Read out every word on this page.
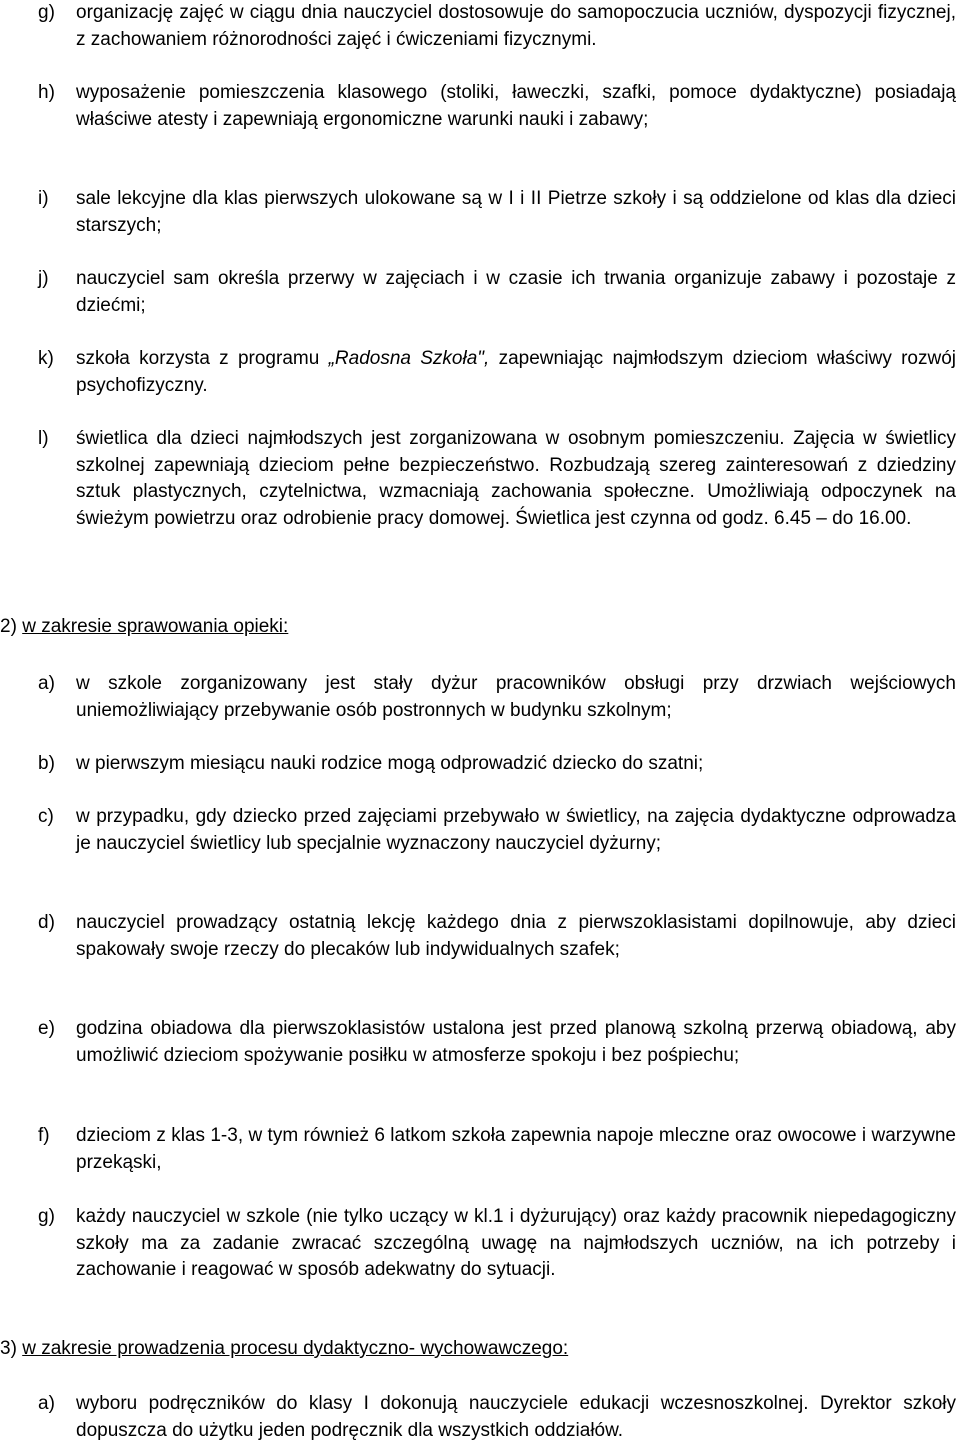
g) organizację zajęć w ciągu dnia nauczyciel dostosowuje do samopoczucia uczniów, dyspozycji fizycznej, z zachowaniem różnorodności zajęć i ćwiczeniami fizycznymi.
h) wyposażenie pomieszczenia klasowego (stoliki, ławeczki, szafki, pomoce dydaktyczne) posiadają właściwe atesty i zapewniają ergonomiczne warunki nauki i zabawy;
i) sale lekcyjne dla klas pierwszych ulokowane są w I i II Pietrze szkoły i są oddzielone od klas dla dzieci starszych;
j) nauczyciel sam określa przerwy w zajęciach i w czasie ich trwania organizuje zabawy i pozostaje z dziećmi;
k) szkoła korzysta z programu „Radosna Szkoła", zapewniając najmłodszym dzieciom właściwy rozwój psychofizyczny.
l) świetlica dla dzieci najmłodszych jest zorganizowana w osobnym pomieszczeniu. Zajęcia w świetlicy szkolnej zapewniają dzieciom pełne bezpieczeństwo. Rozbudzają szereg zainteresowań z dziedziny sztuk plastycznych, czytelnictwa, wzmacniają zachowania społeczne. Umożliwiają odpoczynek na świeżym powietrzu oraz odrobienie pracy domowej. Świetlica jest czynna od godz. 6.45 – do 16.00.
2) w zakresie sprawowania opieki:
a) w szkole zorganizowany jest stały dyżur pracowników obsługi przy drzwiach wejściowych uniemożliwiający przebywanie osób postronnych w budynku szkolnym;
b) w pierwszym miesiącu nauki rodzice mogą odprowadzić dziecko do szatni;
c) w przypadku, gdy dziecko przed zajęciami przebywało w świetlicy, na zajęcia dydaktyczne odprowadza je nauczyciel świetlicy lub specjalnie wyznaczony nauczyciel dyżurny;
d) nauczyciel prowadzący ostatnią lekcję każdego dnia z pierwszoklasistami dopilnowuje, aby dzieci spakowały swoje rzeczy do plecaków lub indywidualnych szafek;
e) godzina obiadowa dla pierwszoklasistów ustalona jest przed planową szkolną przerwą obiadową, aby umożliwić dzieciom spożywanie posiłku w atmosferze spokoju i bez pośpiechu;
f) dzieciom z klas 1-3, w tym również 6 latkom szkoła zapewnia napoje mleczne oraz owocowe i warzywne przekąski,
g) każdy nauczyciel w szkole (nie tylko uczący w kl.1 i dyżurujący) oraz każdy pracownik niepedagogiczny szkoły ma za zadanie zwracać szczególną uwagę na najmłodszych uczniów, na ich potrzeby i zachowanie i reagować w sposób adekwatny do sytuacji.
3) w zakresie prowadzenia procesu dydaktyczno- wychowawczego:
a) wyboru podręczników do klasy I dokonują nauczyciele edukacji wczesnoszkolnej. Dyrektor szkoły dopuszcza do użytku jeden podręcznik dla wszystkich oddziałów.
